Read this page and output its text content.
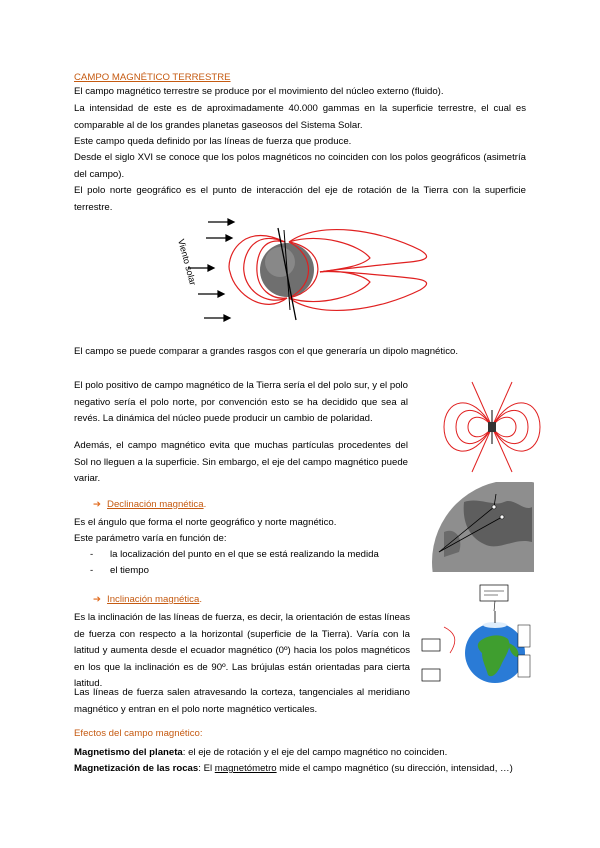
CAMPO MAGNÉTICO TERRESTRE
El campo magnético terrestre se produce por el movimiento del núcleo externo (fluido).
La intensidad de este es de aproximadamente 40.000 gammas en la superficie terrestre, el cual es comparable al de los grandes planetas gaseosos del Sistema Solar.
Este campo queda definido por las líneas de fuerza que produce.
Desde el siglo XVI se conoce que los polos magnéticos no coinciden con los polos geográficos (asimetría del campo).
El polo norte geográfico es el punto de interacción del eje de rotación de la Tierra con la superficie terrestre.
Viento solar
El campo se puede comparar a grandes rasgos con el que generaría un dipolo magnético.
El polo positivo de campo magnético de la Tierra sería el del polo sur, y el polo negativo sería el polo norte, por convención esto se ha decidido que sea al revés. La dinámica del núcleo puede producir un cambio de polaridad.
Además, el campo magnético evita que muchas partículas procedentes del Sol no lleguen a la superficie. Sin embargo, el eje del campo magnético puede variar.
➔ Declinación magnética.
Es el ángulo que forma el norte geográfico y norte magnético.
Este parámetro varía en función de:
-	la localización del punto en el que se está realizando la medida
-	el tiempo
➔ Inclinación magnética.
Es la inclinación de las líneas de fuerza, es decir, la orientación de estas líneas de fuerza con respecto a la horizontal (superficie de la Tierra). Varía con la latitud y aumenta desde el ecuador magnético (0º) hacia los polos magnéticos en los que la inclinación es de 90º. Las brújulas están orientadas para cierta latitud.
Las líneas de fuerza salen atravesando la corteza, tangenciales al meridiano magnético y entran en el polo norte magnético verticales.
Efectos del campo magnético:
Magnetismo del planeta: el eje de rotación y el eje del campo magnético no coinciden.
Magnetización de las rocas: El magnetómetro mide el campo magnético (su dirección, intensidad, …)
